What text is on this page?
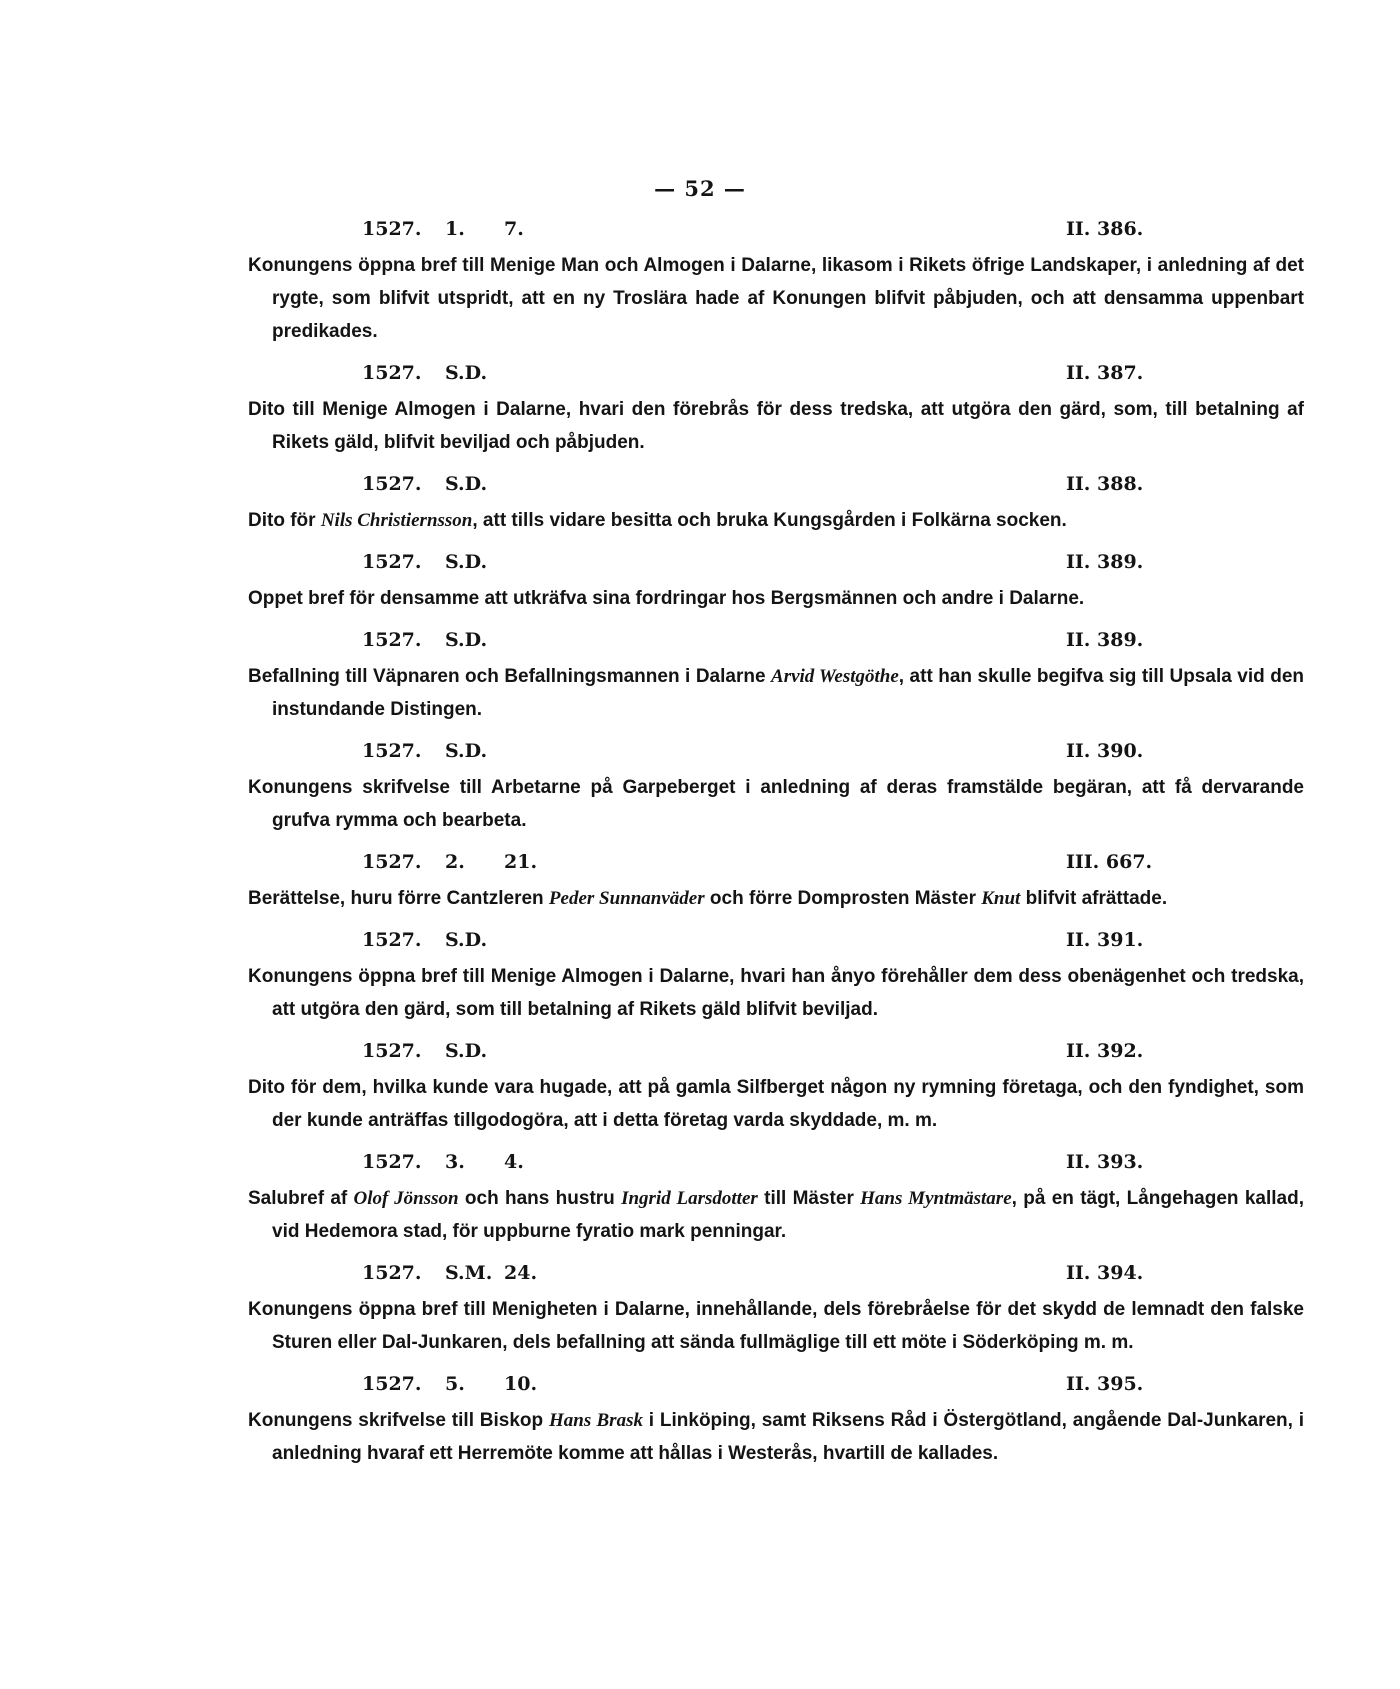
— 52 —
1527. 1. 7.	II. 386.
Konungens öppna bref till Menige Man och Almogen i Dalarne, likasom i Rikets öfrige Landskaper, i anledning af det rygte, som blifvit utspridt, att en ny Troslära hade af Konungen blifvit påbjuden, och att densamma uppenbart predikades.
1527. S.D.	II. 387.
Dito till Menige Almogen i Dalarne, hvari den förebrås för dess tredska, att utgöra den gärd, som, till betalning af Rikets gäld, blifvit beviljad och påbjuden.
1527. S.D.	II. 388.
Dito för Nils Christiernsson, att tills vidare besitta och bruka Kungsgården i Folkärna socken.
1527. S.D.	II. 389.
Oppet bref för densamme att utkräfva sina fordringar hos Bergsmännen och andre i Dalarne.
1527. S.D.	II. 389.
Befallning till Väpnaren och Befallningsmannen i Dalarne Arvid Westgöthe, att han skulle begifva sig till Upsala vid den instundande Distingen.
1527. S.D.	II. 390.
Konungens skrifvelse till Arbetarne på Garpeberget i anledning af deras framstälde begäran, att få dervarande grufva rymma och bearbeta.
1527. 2. 21.	III. 667.
Berättelse, huru förre Cantzleren Peder Sunnanväder och förre Domprosten Mäster Knut blifvit afrättade.
1527. S.D.	II. 391.
Konungens öppna bref till Menige Almogen i Dalarne, hvari han ånyo förehåller dem dess obenägenhet och tredska, att utgöra den gärd, som till betalning af Rikets gäld blifvit beviljad.
1527. S.D.	II. 392.
Dito för dem, hvilka kunde vara hugade, att på gamla Silfberget någon ny rymning företaga, och den fyndighet, som der kunde anträffas tillgodogöra, att i detta företag varda skyddade, m. m.
1527. 3. 4.	II. 393.
Salubref af Olof Jönsson och hans hustru Ingrid Larsdotter till Mäster Hans Myntmästare, på en tägt, Långehagen kallad, vid Hedemora stad, för uppburne fyratio mark penningar.
1527. S.M. 24.	II. 394.
Konungens öppna bref till Menigheten i Dalarne, innehållande, dels förebråelse för det skydd de lemnadt den falske Sturen eller Dal-Junkaren, dels befallning att sända fullmäglige till ett möte i Söderköping m. m.
1527. 5. 10.	II. 395.
Konungens skrifvelse till Biskop Hans Brask i Linköping, samt Riksens Råd i Östergötland, angående Dal-Junkaren, i anledning hvaraf ett Herremöte komme att hållas i Westerås, hvartill de kallades.
